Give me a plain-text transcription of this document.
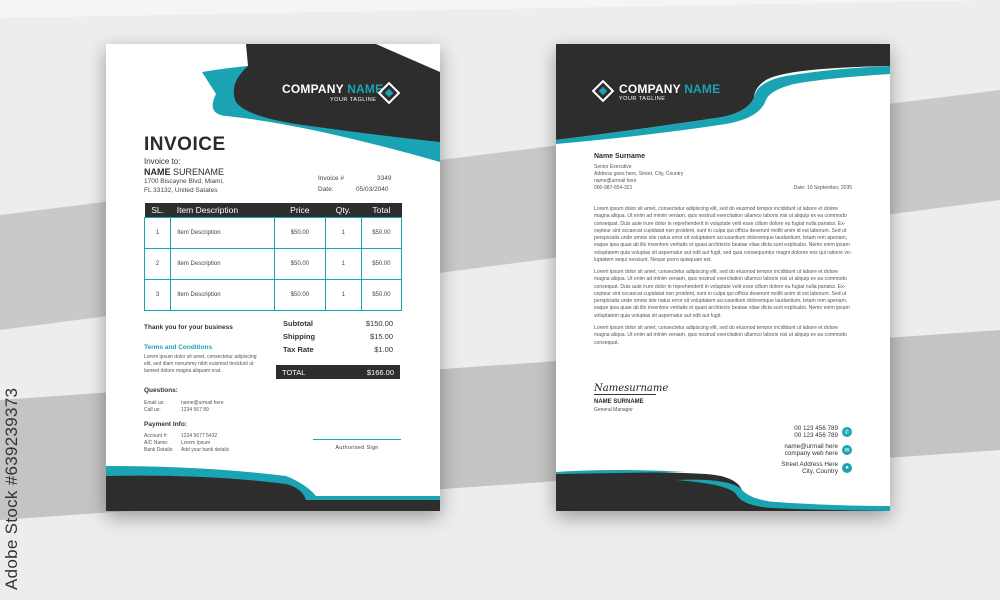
Adobe Stock #639239373
COMPANY NAME
YOUR TAGLINE
INVOICE
Invoice to:
NAME SURENAME
1700 Biscayne Blvd, Miami,
FL 33132, United Satates
Invoice #	3349
Date:	05/03/2040
SL.	Item Description	Price	Qty.	Total
1	Item Description	$50.00	1	$50.00
2	Item Description	$50.00	1	$50.00
3	Item Description	$50.00	1	$50.00
Thank you for your business
Terms and Conditions
Lorem ipsum dolor sit amet, consectetur adipiscing
elit, sed diam nonummy nibh euismod tincidunt ut
laoreet dolore magna aliquam erat.
Subtotal	$150.00
Shipping	$15.00
Tax Rate	$1.00
TOTAL	$166.00
Questions:
Email us:	name@urmail here
Call us:	1234 567 89
Payment Info:
Account #:	1234 5677 5432
A/C Name:	Lorem Ipsum
Bank Details: Add your bank details	Authorised Sign
COMPANY NAME
YOUR TAGLINE
Name Surname
Senior Executive
Address goes here, Street, City, Country
name@urmail here
000-987-654-321	Date: 10 September, 2035
Lorem ipsum dolor sit amet, consectetur adipiscing elit, sed do eiusmod tempor incididunt ut labore et dolore
magna aliqua. Ut enim ad minim veniam, quis nostrud exercitation ullamco laboris nisi ut aliquip ex ea commodo
consequat. Duis aute irure dolor in reprehenderit in voluptate velit esse cillum dolore eu fugiat nulla pariatur. Ex-
cepteur sint occaecat cupidatat non proident, sunt in culpa qui officia deserunt mollit anim id est laborum. Sed ut
perspiciatis unde omnis iste natus error sit voluptatem accusantium doloremque laudantium, totam rem aperiam,
eaque ipsa quae ab illo inventore veritatis et quasi architecto beatae vitae dicta sunt explicabo. Nemo enim ipsam
voluptatem quia voluptas sit aspernatur aut odit aut fugit, sed quia consequuntur magni dolores eos qui ratione vo-
luptatem sequi nesciunt. Neque porro quisquam est.
Lorem ipsum dolor sit amet, consectetur adipiscing elit, sed do eiusmod tempor incididunt ut labore et dolore
magna aliqua. Ut enim ad minim veniam, quis nostrud exercitation ullamco laboris nisi ut aliquip ex ea commodo
consequat. Duis aute irure dolor in reprehenderit in voluptate velit esse cillum dolore eu fugiat nulla pariatur. Ex-
cepteur sint occaecat cupidatat non proident, sunt in culpa qui officia deserunt mollit anim id est laborum. Sed ut
perspiciatis unde omnis iste natus error sit voluptatem accusantium doloremque laudantium, totam rem aperiam,
eaque ipsa quae ab illo inventore veritatis et quasi architecto beatae vitae dicta sunt explicabo. Nemo enim ipsam
voluptatem quia voluptas sit aspernatur aut odit aut fugit.
Lorem ipsum dolor sit amet, consectetur adipiscing elit, sed do eiusmod tempor incididunt ut labore et dolore
magna aliqua. Ut enim ad minim veniam, quis nostrud exercitation ullamco laboris nisi ut aliquip ex ea commodo
consequat.
Namesurname
NAME SURNAME
General Manager
00 123 456 789
00 123 456 789	✆
name@urmail here
company web here	✉
Street Address Here
City, Country	●
